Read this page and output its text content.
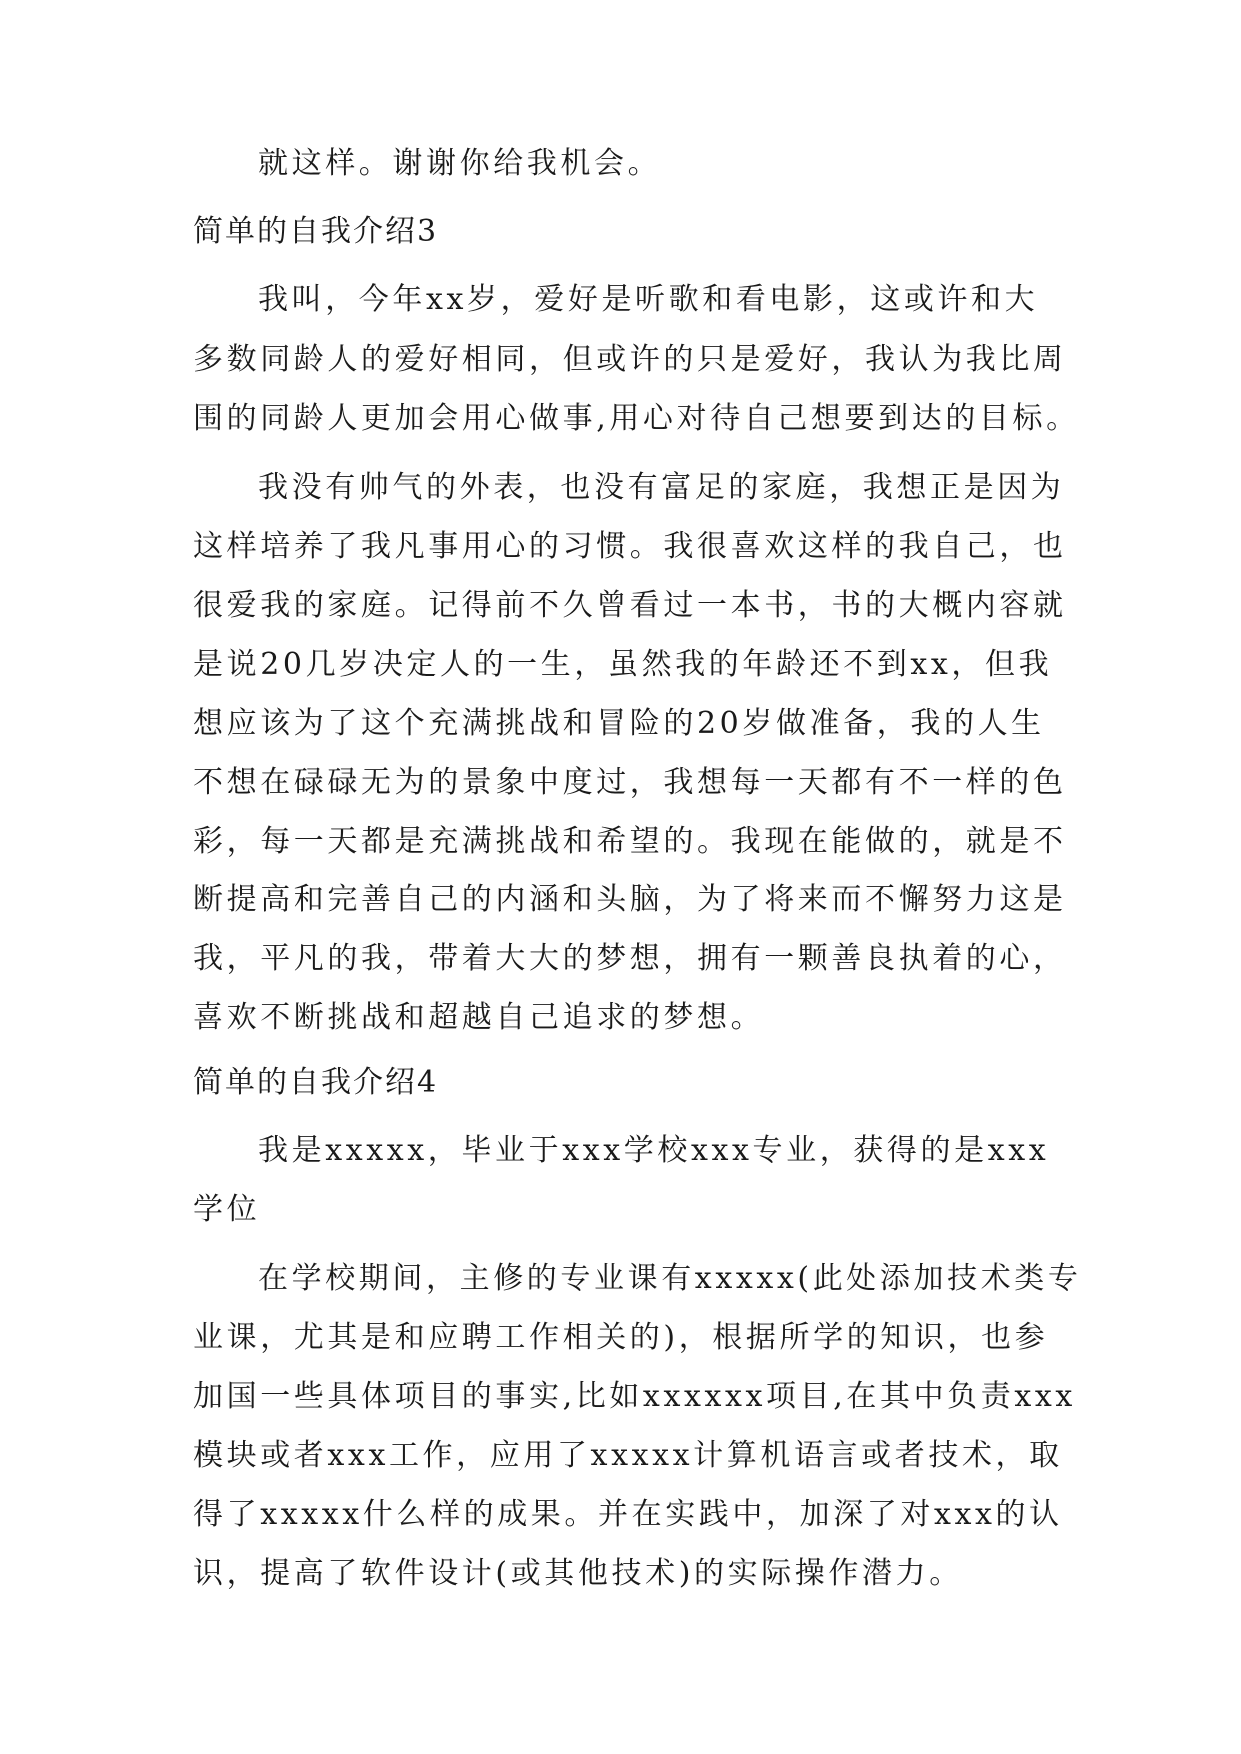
就这样。谢谢你给我机会。
简单的自我介绍3
我叫，今年xx岁，爱好是听歌和看电影，这或许和大
多数同龄人的爱好相同，但或许的只是爱好，我认为我比周
围的同龄人更加会用心做事,用心对待自己想要到达的目标。
我没有帅气的外表，也没有富足的家庭，我想正是因为
这样培养了我凡事用心的习惯。我很喜欢这样的我自己，也
很爱我的家庭。记得前不久曾看过一本书，书的大概内容就
是说20几岁决定人的一生，虽然我的年龄还不到xx，但我
想应该为了这个充满挑战和冒险的20岁做准备，我的人生
不想在碌碌无为的景象中度过，我想每一天都有不一样的色
彩，每一天都是充满挑战和希望的。我现在能做的，就是不
断提高和完善自己的内涵和头脑，为了将来而不懈努力这是
我，平凡的我，带着大大的梦想，拥有一颗善良执着的心，
喜欢不断挑战和超越自己追求的梦想。
简单的自我介绍4
我是xxxxx，毕业于xxx学校xxx专业，获得的是xxx
学位
在学校期间，主修的专业课有xxxxx(此处添加技术类专
业课，尤其是和应聘工作相关的)，根据所学的知识，也参
加国一些具体项目的事实,比如xxxxxx项目,在其中负责xxx
模块或者xxx工作，应用了xxxxx计算机语言或者技术，取
得了xxxxx什么样的成果。并在实践中，加深了对xxx的认
识，提高了软件设计(或其他技术)的实际操作潜力。
